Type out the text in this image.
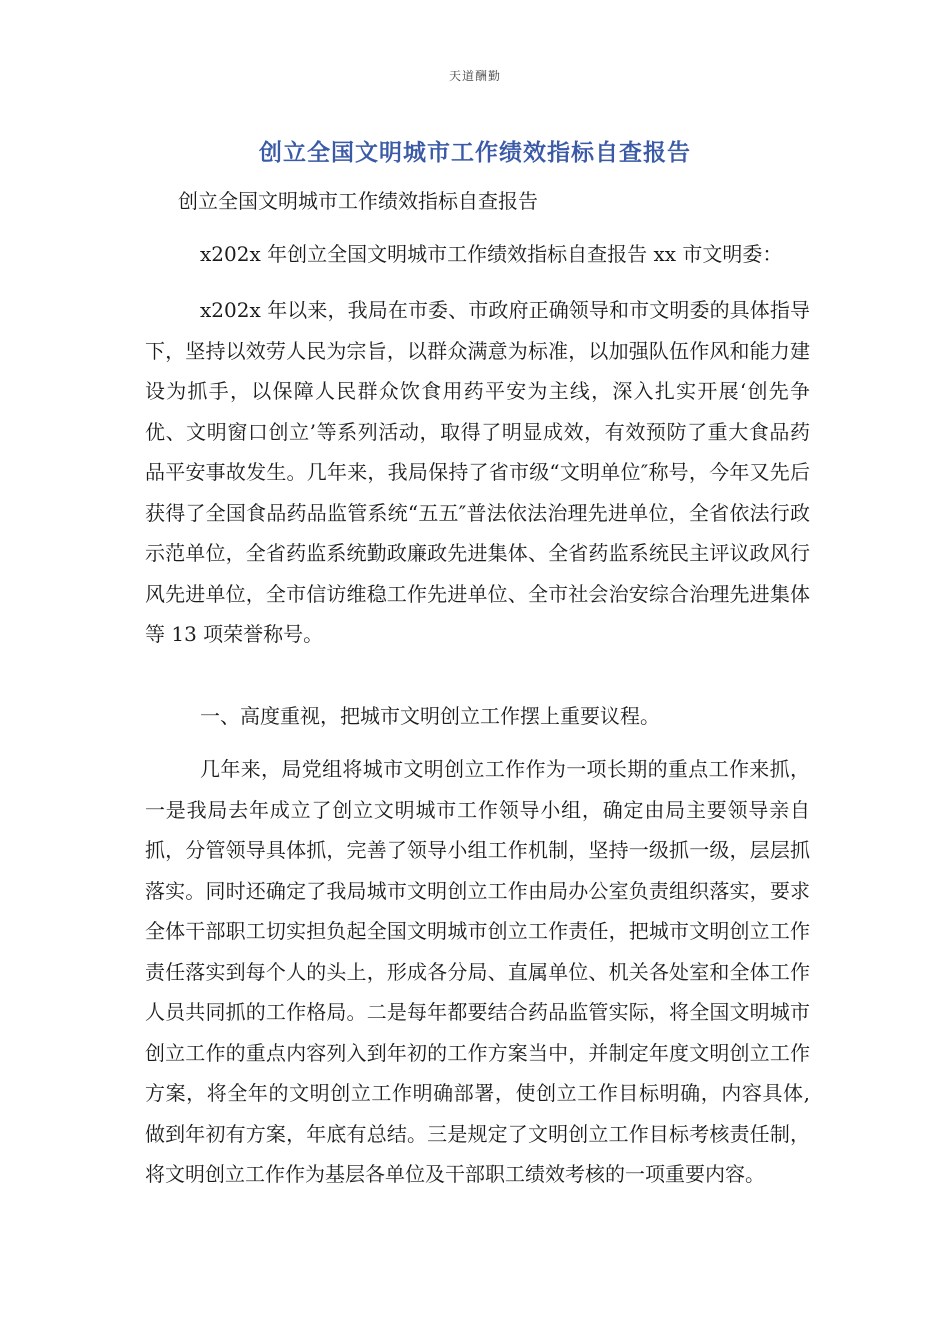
天道酬勤
创立全国文明城市工作绩效指标自查报告
创立全国文明城市工作绩效指标自查报告
x202x 年创立全国文明城市工作绩效指标自查报告 xx 市文明委：
x202x 年以来，我局在市委、市政府正确领导和市文明委的具体指导下，坚持以效劳人民为宗旨，以群众满意为标准，以加强队伍作风和能力建设为抓手，以保障人民群众饮食用药平安为主线，深入扎实开展‘创先争优、文明窗口创立’等系列活动，取得了明显成效，有效预防了重大食品药品平安事故发生。几年来，我局保持了省市级“文明单位″称号，今年又先后获得了全国食品药品监管系统“五五″普法依法治理先进单位，全省依法行政示范单位，全省药监系统勤政廉政先进集体、全省药监系统民主评议政风行风先进单位，全市信访维稳工作先进单位、全市社会治安综合治理先进集体等 13 项荣誉称号。
一、高度重视，把城市文明创立工作摆上重要议程。
几年来，局党组将城市文明创立工作作为一项长期的重点工作来抓，一是我局去年成立了创立文明城市工作领导小组，确定由局主要领导亲自抓，分管领导具体抓，完善了领导小组工作机制，坚持一级抓一级，层层抓落实。同时还确定了我局城市文明创立工作由局办公室负责组织落实，要求全体干部职工切实担负起全国文明城市创立工作责任，把城市文明创立工作责任落实到每个人的头上，形成各分局、直属单位、机关各处室和全体工作人员共同抓的工作格局。二是每年都要结合药品监管实际，将全国文明城市创立工作的重点内容列入到年初的工作方案当中，并制定年度文明创立工作方案，将全年的文明创立工作明确部署，使创立工作目标明确，内容具体,做到年初有方案，年底有总结。三是规定了文明创立工作目标考核责任制，将文明创立工作作为基层各单位及干部职工绩效考核的一项重要内容。
